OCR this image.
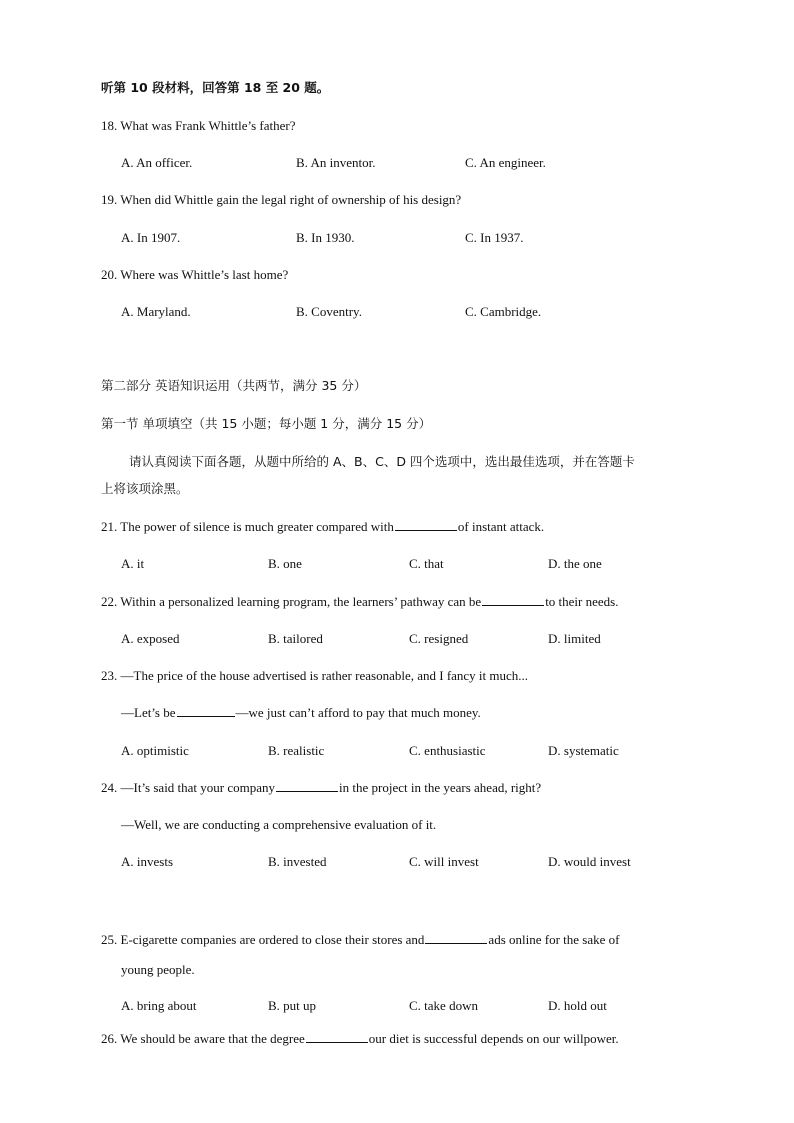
听第 10 段材料，回答第 18 至 20 题。
18. What was Frank Whittle’s father?
A. An officer.	B. An inventor.	C. An engineer.
19. When did Whittle gain the legal right of ownership of his design?
A. In 1907.	B. In 1930.	C. In 1937.
20. Where was Whittle’s last home?
A. Maryland.	B. Coventry.	C. Cambridge.
第二部分 英语知识运用（共两节，满分 35 分）
第一节 单项填空（共 15 小题；每小题 1 分，满分 15 分）
请认真阅读下面各题，从题中所给的 A、B、C、D 四个选项中，选出最佳选项，并在答题卡
上将该项涂黑。
21. The power of silence is much greater compared with	of instant attack.
A. it	B. one	C. that	D. the one
22. Within a personalized learning program, the learners’ pathway can be	to their needs.
A. exposed	B. tailored	C. resigned	D. limited
23. —The price of the house advertised is rather reasonable, and I fancy it much...
—Let’s be	—we just can’t afford to pay that much money.
A. optimistic	B. realistic	C. enthusiastic	D. systematic
24. —It’s said that your company	in the project in the years ahead, right?
—Well, we are conducting a comprehensive evaluation of it.
A. invests	B. invested	C. will invest	D. would invest
25. E-cigarette companies are ordered to close their stores and	ads online for the sake of
young people.
A. bring about	B. put up	C. take down	D. hold out
26. We should be aware that the degree	our diet is successful depends on our willpower.
